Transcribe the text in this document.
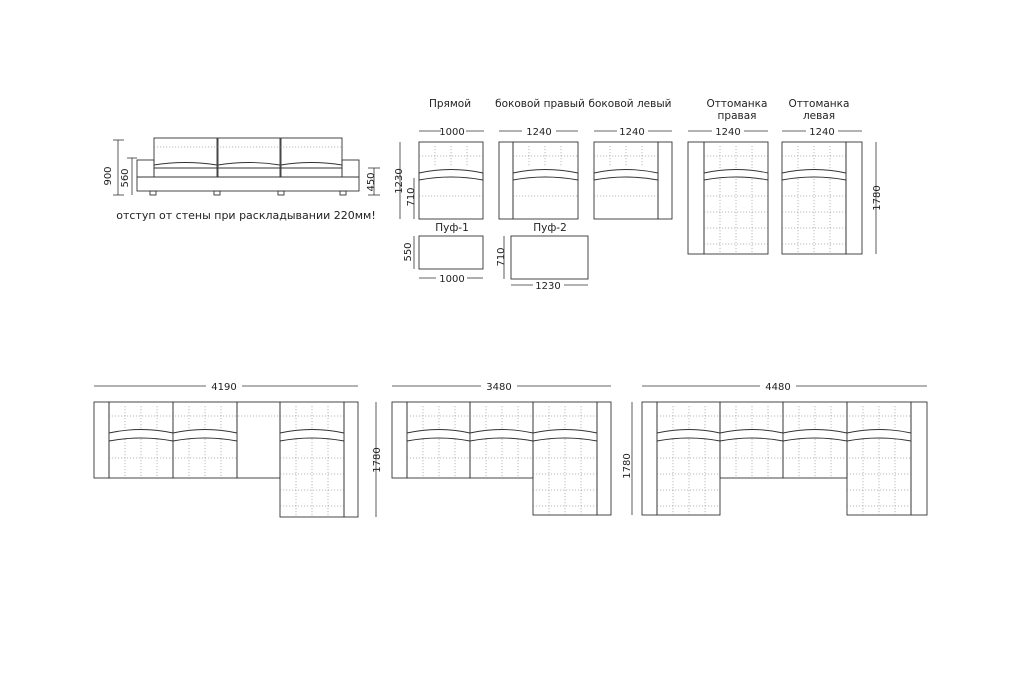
900 560	450
отступ от стены при раскладывании 220мм!
Прямой боковой правый боковой левый	Оттоманка
правая
Оттоманка
левая
1000	1240	1240	1240	1240
1230
710	1780
Пуф-1	Пуф-2
550
1000
710
1230
4190
1780
3480	4480
1780
